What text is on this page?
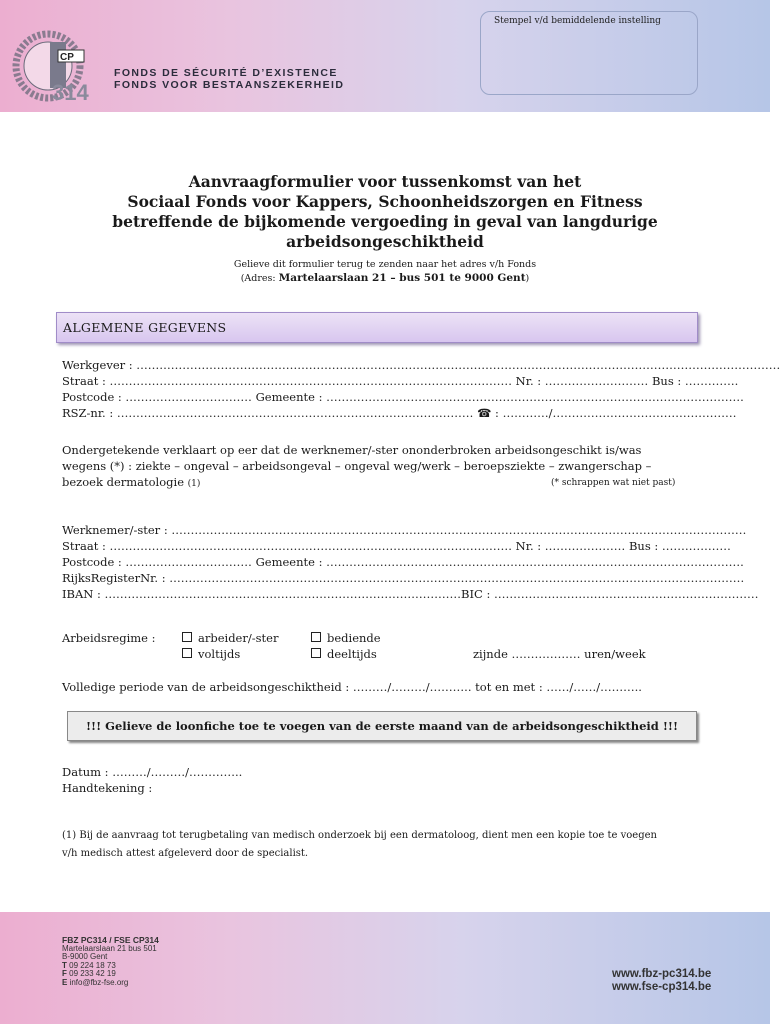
CP
314
FONDS DE SÉCURITÉ D’EXISTENCE
FONDS VOOR BESTAANSZEKERHEID
Stempel v/d bemiddelende instelling
Aanvraagformulier voor tussenkomst van het
Sociaal Fonds voor Kappers, Schoonheidszorgen en Fitness
betreffende de bijkomende vergoeding in geval van langdurige
arbeidsongeschiktheid
Gelieve dit formulier terug te zenden naar het adres v/h Fonds
(Adres: Martelaarslaan 21 – bus 501 te 9000 Gent)
ALGEMENE GEGEVENS
Werkgever : ……………………………………………………………………………………………………………………………………………………
Straat : …………………………………………………………………………………………… Nr. : ……………………… Bus : …………..
Postcode : …………………………… Gemeente : ……………………………………………………………………………………………….
RSZ-nr. : ………………………………………………………………………………… ☎ : …………/…………………………………………
Ondergetekende verklaart op eer dat de werknemer/-ster ononderbroken arbeidsongeschikt is/was
wegens (*) : ziekte – ongeval – arbeidsongeval – ongeval weg/werk – beroepsziekte – zwangerschap –
bezoek dermatologie (1)	(* schrappen wat niet past)
Werknemer/-ster : ……………………………………………………………………………………………………………………………………
Straat : …………………………………………………………………………………………… Nr. : ………………… Bus : ………………
Postcode : …………………………… Gemeente : ……………………………………………………………………………………………….
RijksRegisterNr. : ……………………………………………………………………………………………………………………………………
IBAN : …………………………………………………………………………………BIC : ……………………………………………………………
Arbeidsregime :	arbeider/-ster	bediende
voltijds	deeltijds	zijnde ……………… uren/week
Volledige periode van de arbeidsongeschiktheid : ………/………/……….. tot en met : ……/……/………..
!!! Gelieve de loonfiche toe te voegen van de eerste maand van de arbeidsongeschiktheid !!!
Datum : ………/………/…………..
Handtekening :
(1) Bij de aanvraag tot terugbetaling van medisch onderzoek bij een dermatoloog, dient men een kopie toe te voegen
v/h medisch attest afgeleverd door de specialist.
FBZ PC314 / FSE CP314
Martelaarslaan 21 bus 501
B-9000 Gent
T 09 224 18 73
F 09 233 42 19
E info@fbz-fse.org
www.fbz-pc314.be
www.fse-cp314.be
